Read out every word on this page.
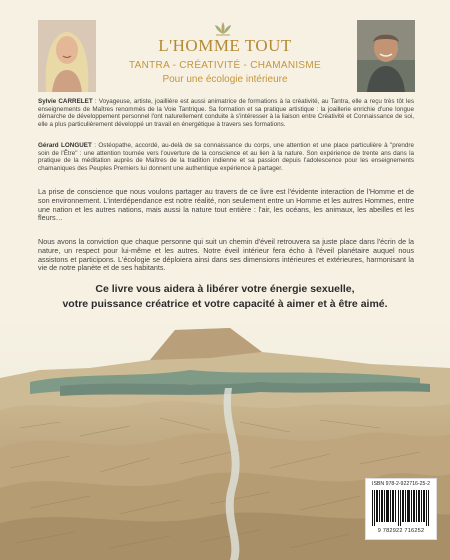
L'HOMME TOUT
TANTRA - CRÉATIVITÉ - CHAMANISME
Pour une écologie intérieure

Sylvie CARRELET : Voyageuse, artiste, joaillière est aussi animatrice de formations à la créativité, au Tantra, elle a reçu très tôt les enseignements de Maîtres renommés de la Voie Tantrique. Sa formation et sa pratique artistique : la joaillerie enrichie d'une longue démarche de développement personnel l'ont naturellement conduite à s'intéresser à la liaison entre Créativité et Connaissance de soi, elle a plus particulièrement développé un travail en énergétique à travers ses formations.

Gérard LONGUET : Ostéopathe, accordé, au-delà de sa connaissance du corps, une attention et une place particulière à "prendre soin de l'Être" : une attention tournée vers l'ouverture de la conscience et au lien à la nature. Son expérience de trente ans dans la pratique de la méditation auprès de Maîtres de la tradition indienne et sa passion depuis l'adolescence pour les enseignements chamaniques des Peuples Premiers lui donnent une authentique expérience à partager.

La prise de conscience que nous voulons partager au travers de ce livre est l'évidente interaction de l'Homme et de son environnement. L'interdépendance est notre réalité, non seulement entre un Homme et les autres Hommes, entre une nation et les autres nations, mais aussi la nature tout entière : l'air, les océans, les animaux, les abeilles et les fleurs…

Nous avons la conviction que chaque personne qui suit un chemin d'éveil retrouvera sa juste place dans l'écrin de la nature, un respect pour lui-même et les autres. Notre éveil intérieur fera écho à l'éveil planétaire auquel nous assistons et participons. L'écologie se déploiera ainsi dans ses dimensions intérieures et extérieures, harmonisant la vie de notre planète et de ses habitants.

Ce livre vous aidera à libérer votre énergie sexuelle,

votre puissance créatrice et votre capacité à aimer et à être aimé.

ISBN 978-2-922716-25-2
9 782922 716252
